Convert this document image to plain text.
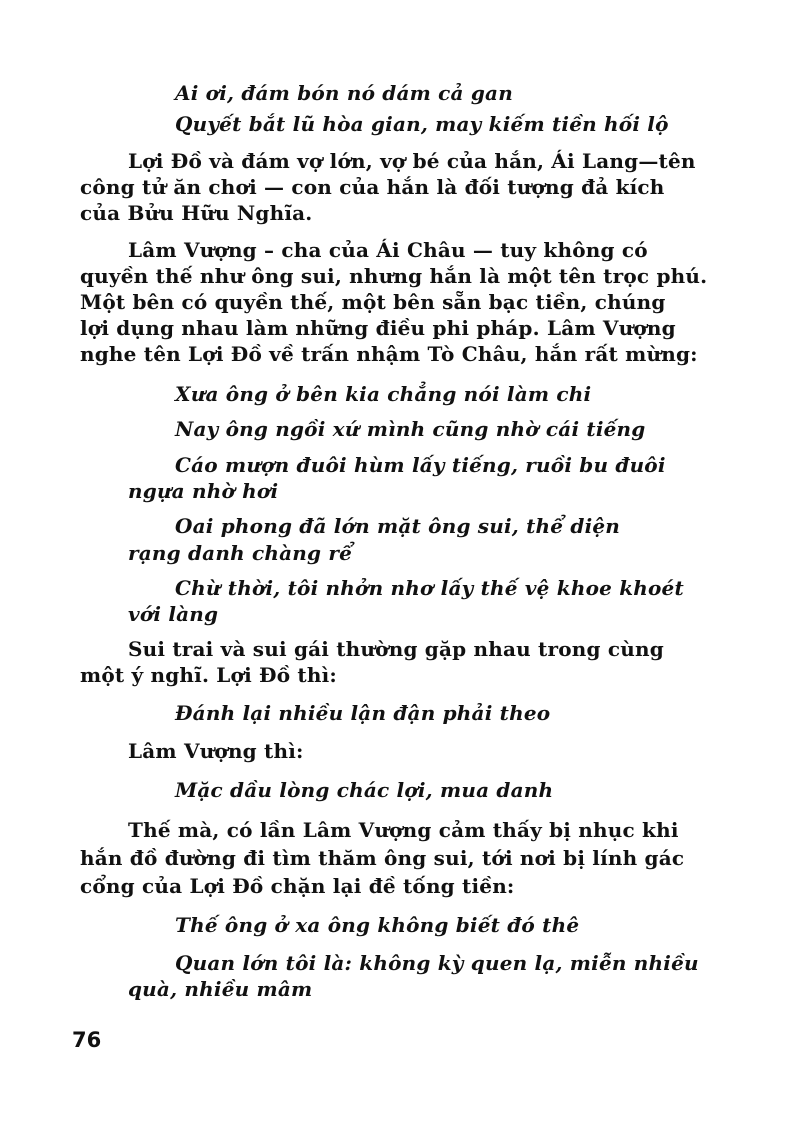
Ai ơi, đám bón nó dám cả gan
Quyết bắt lũ hòa gian, may kiếm tiền hối lộ
Lợi Đồ và đám vợ lớn, vợ bé của hắn, Ái Lang—tên
công tử ăn chơi — con của hắn là đối tượng đả kích
của Bửu Hữu Nghĩa.
Lâm Vượng – cha của Ái Châu — tuy không có
quyền thế như ông sui, nhưng hắn là một tên trọc phú.
Một bên có quyền thế, một bên sẵn bạc tiền, chúng
lợi dụng nhau làm những điều phi pháp. Lâm Vượng
nghe tên Lợi Đồ về trấn nhậm Tò Châu, hắn rất mừng:
Xưa ông ở bên kia chẳng nói làm chi
Nay ông ngồi xứ mình cũng nhờ cái tiếng
Cáo mượn đuôi hùm lấy tiếng, ruồi bu đuôi
ngựa nhờ hơi
Oai phong đã lớn mặt ông sui, thể diện
rạng danh chàng rể
Chừ thời, tôi nhởn nhơ lấy thế vệ khoe khoét
với làng
Sui trai và sui gái thường gặp nhau trong cùng
một ý nghĩ. Lợi Đồ thì:
Đánh lại nhiều lận đận phải theo
Lâm Vượng thì:
Mặc dầu lòng chác lợi, mua danh
Thế mà, có lần Lâm Vượng cảm thấy bị nhục khi
hắn đồ đường đi tìm thăm ông sui, tới nơi bị lính gác
cổng của Lợi Đồ chặn lại đề tống tiền:
Thế ông ở xa ông không biết đó thê
Quan lớn tôi là: không kỳ quen lạ, miễn nhiều
quà, nhiều mâm
76
